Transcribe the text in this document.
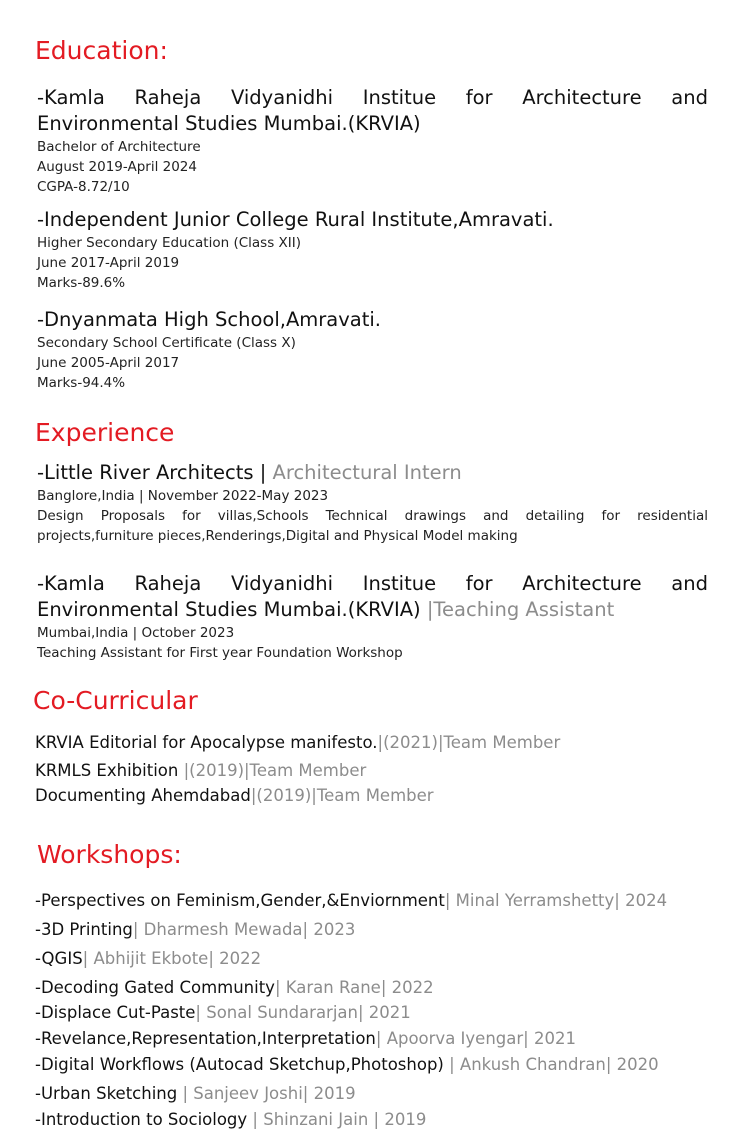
Education:
-Kamla Raheja Vidyanidhi Institue for Architecture and
Environmental Studies Mumbai.(KRVIA)
Bachelor of Architecture
August 2019-April 2024
CGPA-8.72/10
-Independent Junior College Rural Institute,Amravati.
Higher Secondary Education (Class XII)
June 2017-April 2019
Marks-89.6%
-Dnyanmata High School,Amravati.
Secondary School Certificate (Class X)
June 2005-April 2017
Marks-94.4%
Experience
-Little River Architects | Architectural Intern
Banglore,India | November 2022-May 2023
Design Proposals for villas,Schools Technical drawings and detailing for residential projects,furniture pieces,Renderings,Digital and Physical Model making
-Kamla Raheja Vidyanidhi Institue for Architecture and
Environmental Studies Mumbai.(KRVIA) |Teaching Assistant
Mumbai,India | October 2023
Teaching Assistant for First year Foundation Workshop
Co-Curricular
KRVIA Editorial for Apocalypse manifesto.|(2021)|Team Member
KRMLS Exhibition |(2019)|Team Member
Documenting Ahemdabad|(2019)|Team Member
Workshops:
-Perspectives on Feminism,Gender,&Enviornment| Minal Yerramshetty| 2024
-3D Printing| Dharmesh Mewada| 2023
-QGIS| Abhijit Ekbote| 2022
-Decoding Gated Community| Karan Rane| 2022
-Displace Cut-Paste| Sonal Sundararjan| 2021
-Revelance,Representation,Interpretation| Apoorva Iyengar| 2021
-Digital Workflows (Autocad Sketchup,Photoshop) | Ankush Chandran| 2020
-Urban Sketching | Sanjeev Joshi| 2019
-Introduction to Sociology | Shinzani Jain | 2019
